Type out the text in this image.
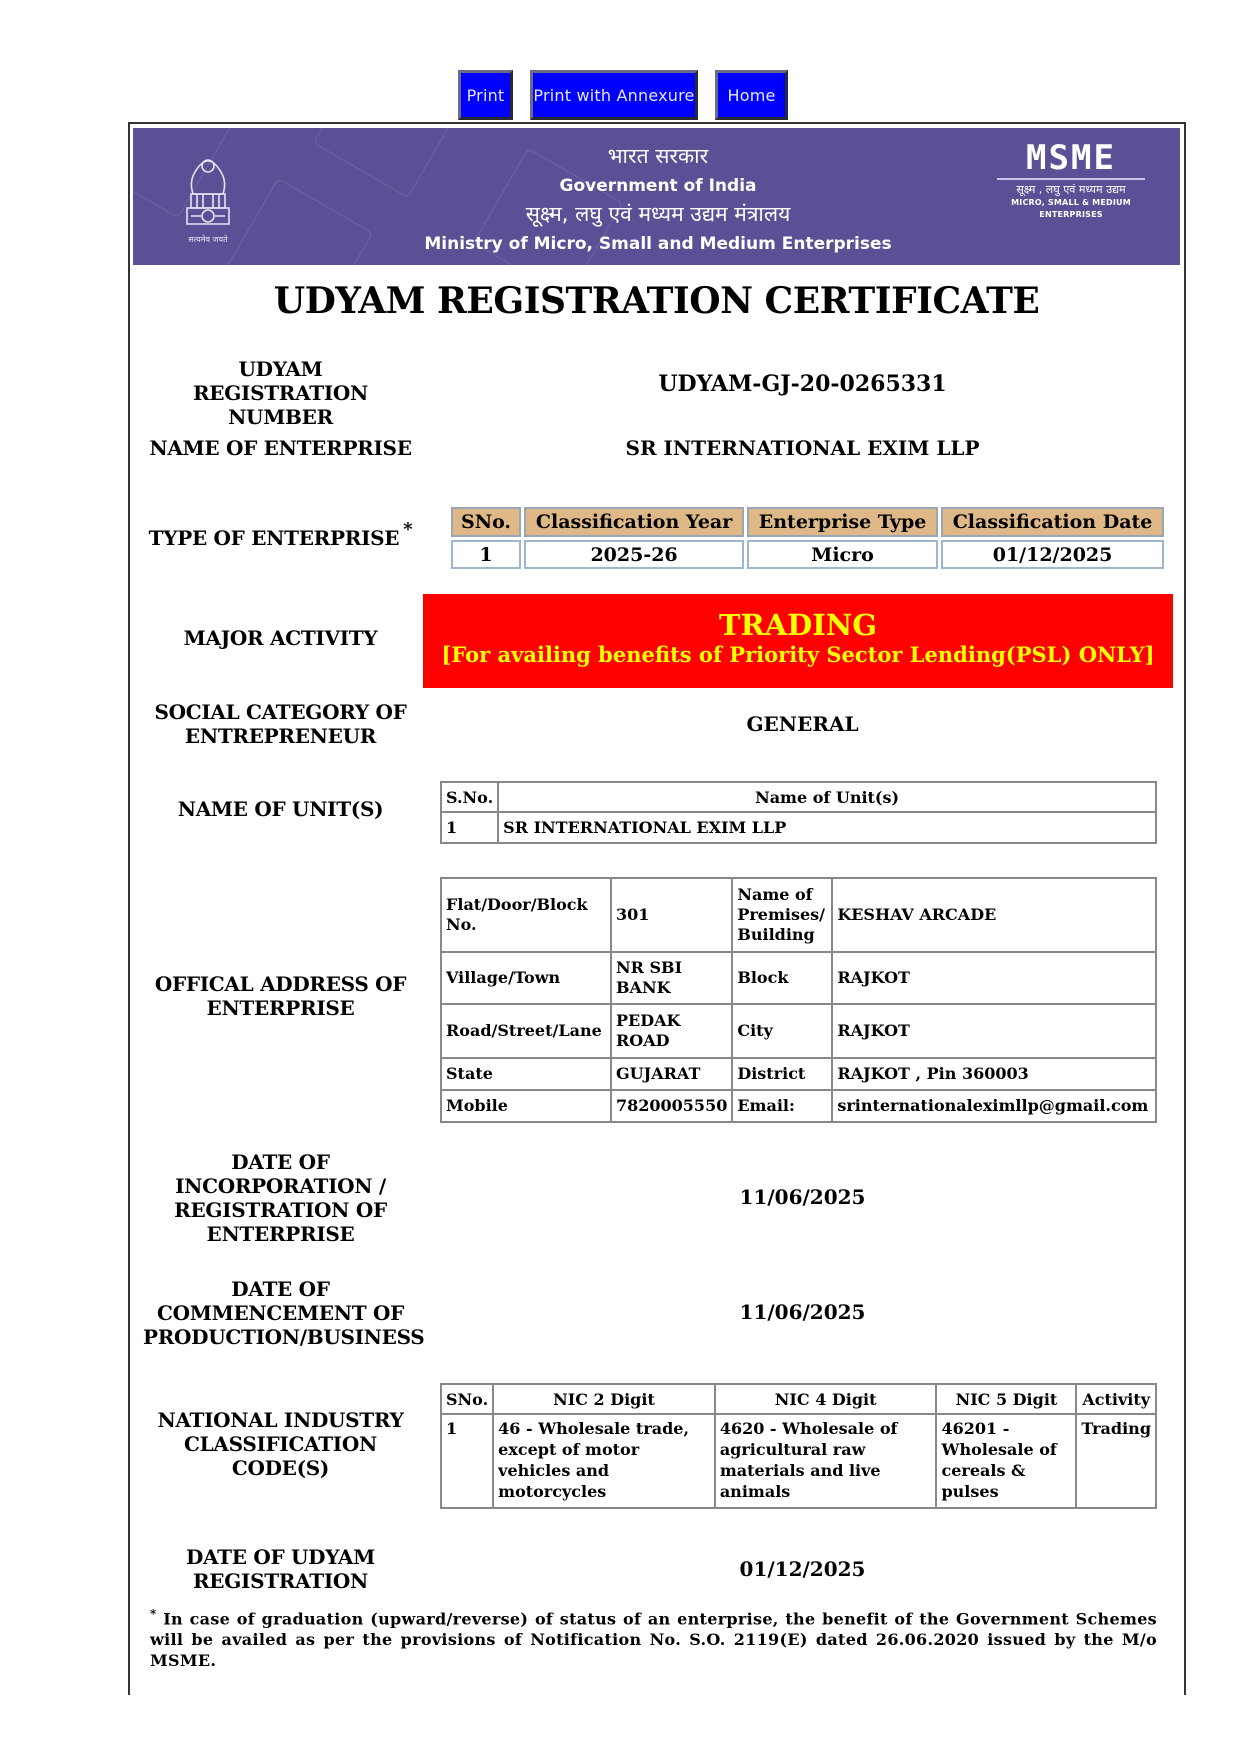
Print	Print with Annexure	Home
सत्यमेव जयते
भारत सरकार
Government of India
सूक्ष्म, लघु एवं मध्यम उद्यम मंत्रालय
Ministry of Micro, Small and Medium Enterprises
MSME
सूक्ष्म , लघु एवं मध्यम उद्यम
MICRO, SMALL & MEDIUM ENTERPRISES
UDYAM REGISTRATION CERTIFICATE
UDYAM REGISTRATION NUMBER
UDYAM-GJ-20-0265331
NAME OF ENTERPRISE	SR INTERNATIONAL EXIM LLP
TYPE OF ENTERPRISE *	SNo.	Classification Year	Enterprise Type	Classification Date
1	2025-26	Micro	01/12/2025
MAJOR ACTIVITY	TRADING
[For availing benefits of Priority Sector Lending(PSL) ONLY]
SOCIAL CATEGORY OF ENTREPRENEUR	GENERAL
NAME OF UNIT(S)	S.No.	Name of Unit(s)
1	SR INTERNATIONAL EXIM LLP
OFFICAL ADDRESS OF ENTERPRISE
Flat/Door/Block No.	301	Name of Premises/ Building	KESHAV ARCADE
Village/Town	NR SBI BANK	Block	RAJKOT
Road/Street/Lane	PEDAK ROAD	City	RAJKOT
State	GUJARAT	District	RAJKOT , Pin 360003
Mobile	7820005550	Email:	srinternationaleximllp@gmail.com
DATE OF INCORPORATION / REGISTRATION OF ENTERPRISE
11/06/2025
DATE OF COMMENCEMENT OF PRODUCTION/BUSINESS
11/06/2025
NATIONAL INDUSTRY CLASSIFICATION CODE(S)
SNo.	NIC 2 Digit	NIC 4 Digit	NIC 5 Digit	Activity
1	46 - Wholesale trade, except of motor vehicles and motorcycles	4620 - Wholesale of agricultural raw materials and live animals	46201 - Wholesale of cereals & pulses	Trading
DATE OF UDYAM REGISTRATION	01/12/2025
* In case of graduation (upward/reverse) of status of an enterprise, the benefit of the Government Schemes will be availed as per the provisions of Notification No. S.O. 2119(E) dated 26.06.2020 issued by the M/o MSME.
